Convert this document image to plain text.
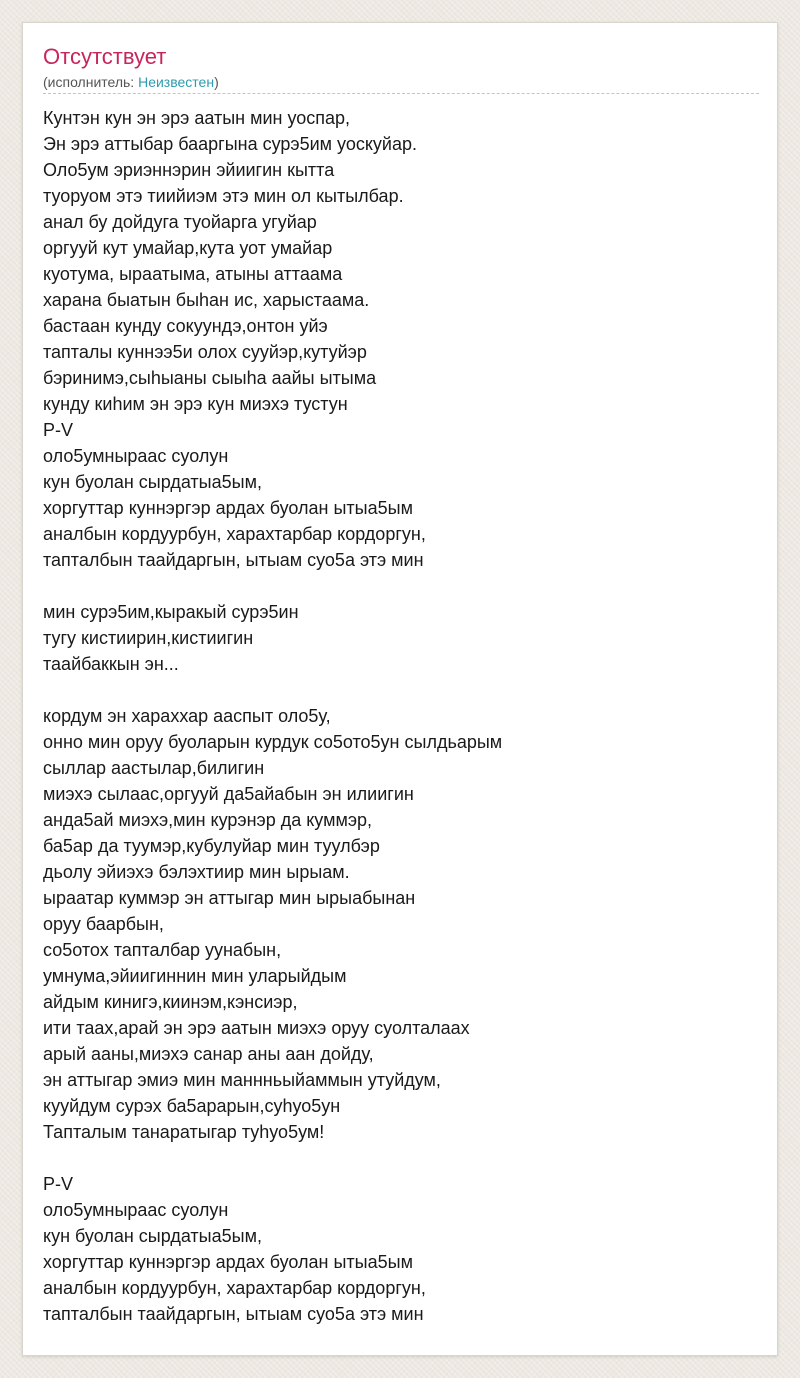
Отсутствует
(исполнитель: Неизвестен)
Кунтэн кун эн эрэ аатын мин уоспар,
Эн эрэ аттыбар бааргына сурэ5им уоскуйар.
Оло5ум эриэннэрин эйиигин кытта
туоруом этэ тиийиэм этэ мин ол кытылбар.
анал бу дойдуга туойарга угуйар
оргууй кут умайар,кута уот умайар
куотума, ыраатыма, атыны аттаама
харана быатын быһан ис, харыстаама.
бастаан кунду сокуундэ,онтон уйэ
тапталы куннээ5и олох сууйэр,кутуйэр
бэринимэ,сыһыаны сыыһа аайы ытыма
кунду киһим эн эрэ кун миэхэ тустун
P-V
оло5умнырааc суолун
кун буолан сырдатыа5ым,
хоргуттар куннэргэр ардах буолан ытыа5ым
аналбын кордуурбун, харахтарбар кордоргун,
тапталбын таайдаргын, ытыам суо5а этэ мин
мин сурэ5им,кыракый сурэ5ин
тугу кистиирин,кистиигин
таайбаккын эн...
кордум эн хараххар ааспыт оло5у,
онно мин оруу буоларын курдук со5ото5ун сылдьарым
сыллар аастылар,билигин
миэхэ сылаас,оргууй да5айабын эн илиигин
анда5ай миэхэ,мин курэнэр да куммэр,
ба5ар да туумэр,кубулуйар мин туулбэр
дьолу эйиэхэ бэлэхтиир мин ырыам.
ыраатар куммэр эн аттыгар мин ырыабынан
оруу баарбын,
со5отох тапталбар уунабын,
умнума,эйиигиннин мин уларыйдым
айдым кинигэ,киинэм,кэнсиэр,
ити таах,арай эн эрэ аатын миэхэ оруу суолталаах
арый ааны,миэхэ санар аны аан дойду,
эн аттыгар эмиэ мин маннньыйаммын утуйдум,
кууйдум сурэх ба5арарын,суһуо5ун
Тапталым танаратыгар туһуо5ум!
P-V
оло5умнырааc суолун
кун буолан сырдатыа5ым,
хоргуттар куннэргэр ардах буолан ытыа5ым
аналбын кордуурбун, харахтарбар кордоргун,
тапталбын таайдаргын, ытыам суо5а этэ мин
